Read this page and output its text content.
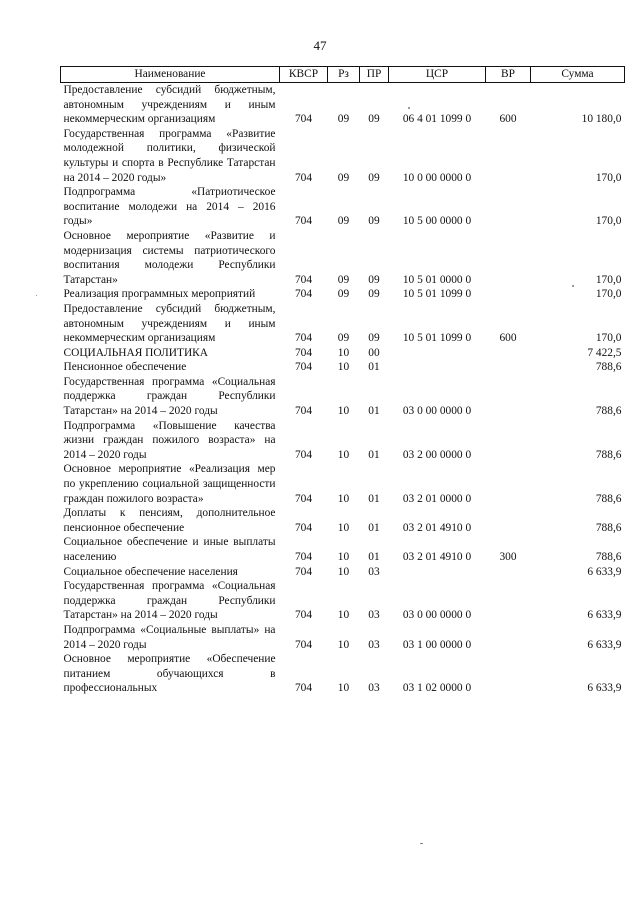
47
Наименование	КВСР	Рз	ПР	ЦСР	ВР	Сумма
Предоставление субсидий бюджетным, автономным учреждениям и иным некоммерческим организациям	704	09	09	06 4 01 1099 0	600	10 180,0
Государственная программа «Развитие молодежной политики, физической культуры и спорта в Республике Татарстан на 2014 – 2020 годы»	704	09	09	10 0 00 0000 0		170,0
Подпрограмма «Патриотическое воспитание молодежи на 2014 – 2016 годы»	704	09	09	10 5 00 0000 0		170,0
Основное мероприятие «Развитие и модернизация системы патриотического воспитания молодежи Республики Татарстан»	704	09	09	10 5 01 0000 0		170,0
Реализация программных мероприятий	704	09	09	10 5 01 1099 0		170,0
Предоставление субсидий бюджетным, автономным учреждениям и иным некоммерческим организациям	704	09	09	10 5 01 1099 0	600	170,0
СОЦИАЛЬНАЯ ПОЛИТИКА	704	10	00			7 422,5
Пенсионное обеспечение	704	10	01			788,6
Государственная программа «Социальная поддержка граждан Республики Татарстан» на 2014 – 2020 годы	704	10	01	03 0 00 0000 0		788,6
Подпрограмма «Повышение качества жизни граждан пожилого возраста» на 2014 – 2020 годы	704	10	01	03 2 00 0000 0		788,6
Основное мероприятие «Реализация мер по укреплению социальной защищенности граждан пожилого возраста»	704	10	01	03 2 01 0000 0		788,6
Доплаты к пенсиям, дополнительное пенсионное обеспечение	704	10	01	03 2 01 4910 0		788,6
Социальное обеспечение и иные выплаты населению	704	10	01	03 2 01 4910 0	300	788,6
Социальное обеспечение населения	704	10	03			6 633,9
Государственная программа «Социальная поддержка граждан Республики Татарстан» на 2014 – 2020 годы	704	10	03	03 0 00 0000 0		6 633,9
Подпрограмма «Социальные выплаты» на 2014 – 2020 годы	704	10	03	03 1 00 0000 0		6 633,9
Основное мероприятие «Обеспечение питанием обучающихся в профессиональных	704	10	03	03 1 02 0000 0		6 633,9
